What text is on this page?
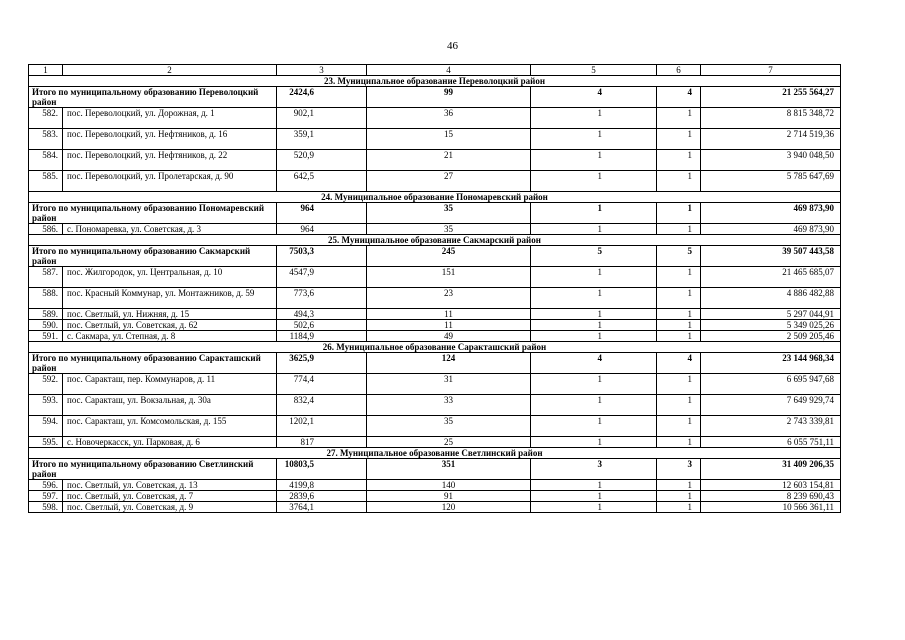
46
1	2	3	4	5	6	7
23. Муниципальное образование Переволоцкий район						
Итого по муниципальному образованию Переволоцкий район		2424,6	99	4	4	21 255 564,27
582.	пос. Переволоцкий, ул. Дорожная, д. 1	902,1	36	1	1	8 815 348,72
583.	пос. Переволоцкий, ул. Нефтяников, д. 16	359,1	15	1	1	2 714 519,36
584.	пос. Переволоцкий, ул. Нефтяников, д. 22	520,9	21	1	1	3 940 048,50
585.	пос. Переволоцкий, ул. Пролетарская, д. 90	642,5	27	1	1	5 785 647,69
24. Муниципальное образование Пономаревский район						
Итого по муниципальному образованию Пономаревский район		964	35	1	1	469 873,90
586.	с. Пономаревка, ул. Советская, д. 3	964	35	1	1	469 873,90
25. Муниципальное образование Сакмарский район						
Итого по муниципальному образованию Сакмарский район		7503,3	245	5	5	39 507 443,58
587.	пос. Жилгородок, ул. Центральная, д. 10	4547,9	151	1	1	21 465 685,07
588.	пос. Красный Коммунар, ул. Монтажников, д. 59	773,6	23	1	1	4 886 482,88
589.	пос. Светлый, ул. Нижняя, д. 15	494,3	11	1	1	5 297 044,91
590.	пос. Светлый, ул. Советская, д. 62	502,6	11	1	1	5 349 025,26
591.	с. Сакмара, ул. Степная, д. 8	1184,9	49	1	1	2 509 205,46
26. Муниципальное образование Саракташский район						
Итого по муниципальному образованию Саракташский район		3625,9	124	4	4	23 144 968,34
592.	пос. Саракташ, пер. Коммунаров, д. 11	774,4	31	1	1	6 695 947,68
593.	пос. Саракташ, ул. Вокзальная, д. 30а	832,4	33	1	1	7 649 929,74
594.	пос. Саракташ, ул. Комсомольская, д. 155	1202,1	35	1	1	2 743 339,81
595.	с. Новочеркасск, ул. Парковая, д. 6	817	25	1	1	6 055 751,11
27. Муниципальное образование Светлинский район						
Итого по муниципальному образованию Светлинский район		10803,5	351	3	3	31 409 206,35
596.	пос. Светлый, ул. Советская, д. 13	4199,8	140	1	1	12 603 154,81
597.	пос. Светлый, ул. Советская, д. 7	2839,6	91	1	1	8 239 690,43
598.	пос. Светлый, ул. Советская, д. 9	3764,1	120	1	1	10 566 361,11
